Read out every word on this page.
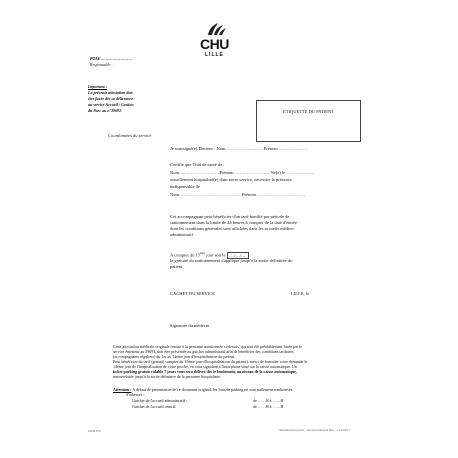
CHU
LILLE
POLE……………………
Responsable :
Important :
La présente attestation doit
être faxée dès sa délivrance
au service Accueil / Gestion
du Parc au n°39693	ETIQUETTE DU PATIENT
Coordonnées du service
Je soussigné(e) Docteur : Nom …………………… Prénom ……………….
Certifie que l'état de santé de :
Nom………………………Prénom…………………… Né(e) le ………………,
actuellement hospitalisé(e) dans notre service, nécessite la présence
indispensable de
Nom……………………………………Prénom……………………………
Cet accompagnant peut bénéficier d'un tarif bonifié par période de
stationnement dans la limite de 24 heures à compter de la date d'entrée
dont les conditions générales sont affichées dans les accueils médico-
administratif.
A compter du 15ème jour soit le …/…/…
la gratuité du stationnement s'applique jusqu'à la sortie définitive du
patient.
CACHET DU SERVICE	LILLE, le
Signature du médecin
Cette attestation médicale originale remise à la personne mentionnée ci-dessus, qui sera été préalablement faxée par le
service émetteur au 39693, doit être présentée au guichet administratif afin de bénéficier des conditions tarifaires
(accompagnants réguliers) du 1er au 14ème jour d'hospitalisation du patient.
Pour bénéficier du tarif (gratuit) compter du 15ème jour d'hospitalisation du patient), merci de formuler votre demande le
14ème jour de l'hospitalisation de votre proche, en vous signalant à l'interphone situé sur la caisse automatique. Un
ticket parking gratuit valable 7 jours vous sera délivré dès le lendemain, au niveau de la caisse automatique,
renouvelable jusqu'à la sortie définitive de la personne hospitalisée.
Attention : A défaut de présentation de ce document original, les frais de parking ne sont nullement remboursés.
S'adresser :
Guichet de l'accueil administratif :	de ……H à ……H
Guichet de l'accueil central	de ……H à ……H
JOUR 4/79	Attestation de la Santé – Accueil Gestion du Parc – 14/10/2017
